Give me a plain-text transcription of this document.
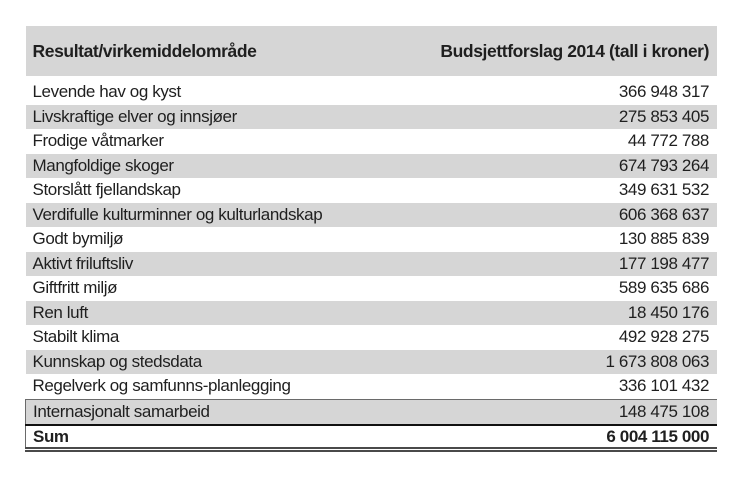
Resultat/virkemiddelområde	Budsjettforslag 2014 (tall i kroner)
Levende hav og kyst	366 948 317
Livskraftige elver og innsjøer	275 853 405
Frodige våtmarker	44 772 788
Mangfoldige skoger	674 793 264
Storslått fjellandskap	349 631 532
Verdifulle kulturminner og kulturlandskap	606 368 637
Godt bymiljø	130 885 839
Aktivt friluftsliv	177 198 477
Giftfritt miljø	589 635 686
Ren luft	18 450 176
Stabilt klima	492 928 275
Kunnskap og stedsdata	1 673 808 063
Regelverk og samfunns-planlegging	336 101 432
Internasjonalt samarbeid	148 475 108
Sum	6 004 115 000
